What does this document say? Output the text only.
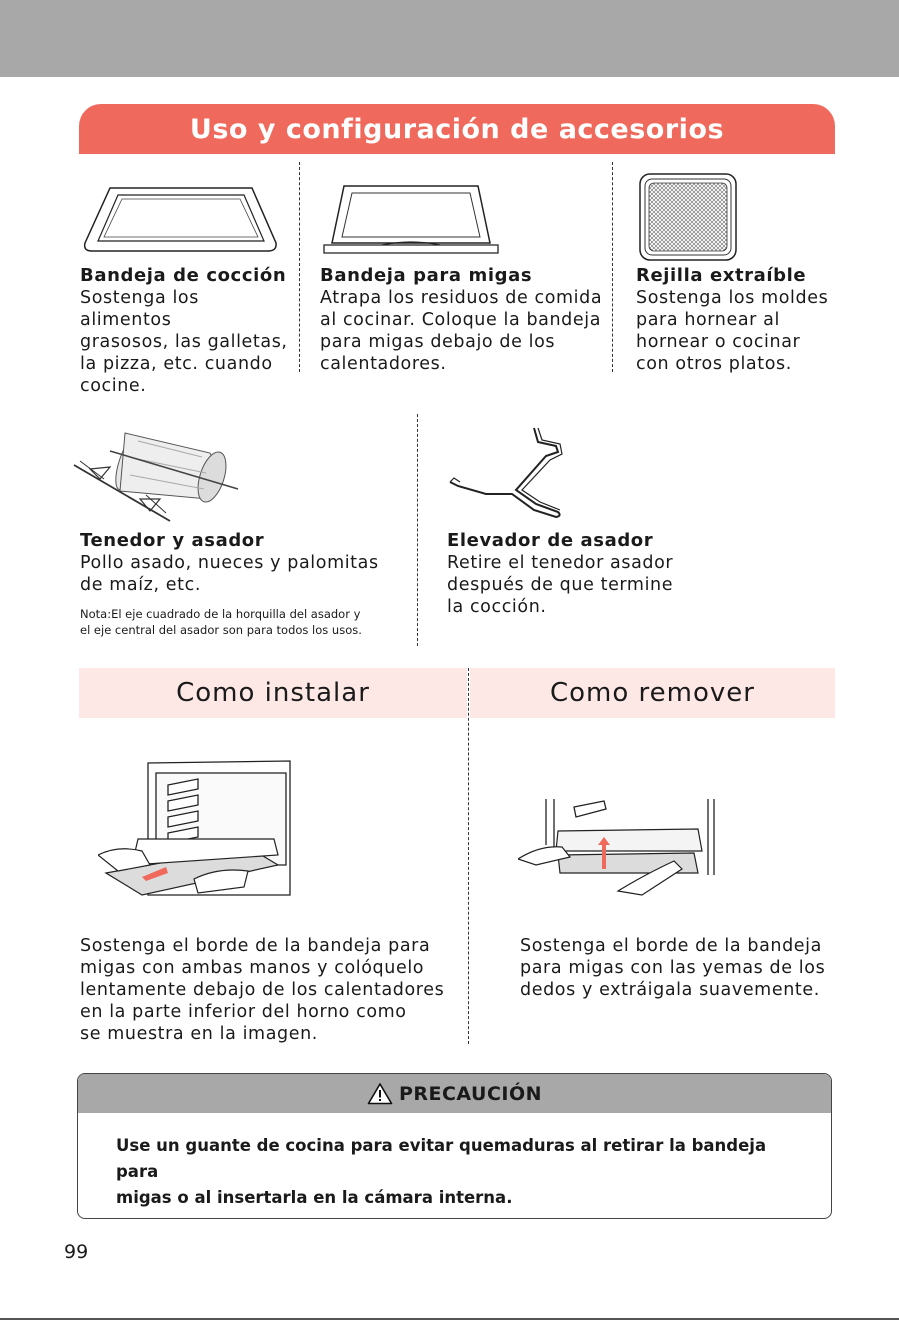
Uso y configuración de accesorios

Bandeja de cocción

Sostenga los alimentos
grasosos, las galletas,
la pizza, etc. cuando
cocine.

Bandeja para migas

Atrapa los residuos de comida
al cocinar. Coloque la bandeja
para migas debajo de los
calentadores.

Rejilla extraíble

Sostenga los moldes
para hornear al
hornear o cocinar
con otros platos.

Tenedor y asador

Pollo asado, nueces y palomitas
de maíz, etc.

Nota:El eje cuadrado de la horquilla del asador y
el eje central del asador son para todos los usos.

Elevador de asador

Retire el tenedor asador
después de que termine
la cocción.

Como instalar	Como remover

Sostenga el borde de la bandeja para
migas con ambas manos y colóquelo
lentamente debajo de los calentadores
en la parte inferior del horno como
se muestra en la imagen.

Sostenga el borde de la bandeja
para migas con las yemas de los
dedos y extráigala suavemente.

PRECAUCIÓN
Use un guante de cocina para evitar quemaduras al retirar la bandeja para
migas o al insertarla en la cámara interna.
99
